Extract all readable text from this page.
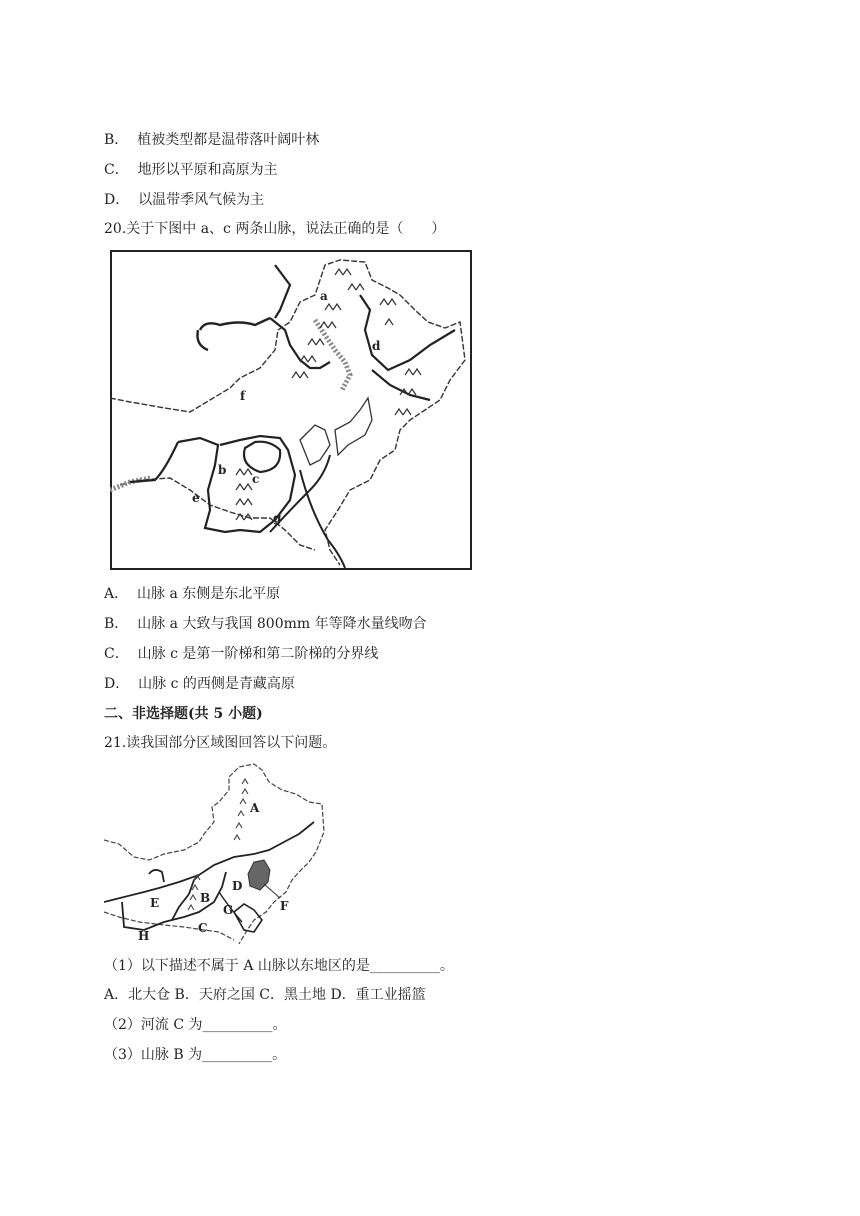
B． 植被类型都是温带落叶阔叶林
C． 地形以平原和高原为主
D． 以温带季风气候为主
20.关于下图中 a、c 两条山脉，说法正确的是（　　）
a
b
c
d
e
f
g
A． 山脉 a 东侧是东北平原
B． 山脉 a 大致与我国 800mm 年等降水量线吻合
C． 山脉 c 是第一阶梯和第二阶梯的分界线
D． 山脉 c 的西侧是青藏高原
二、非选择题(共 5 小题)
21.读我国部分区域图回答以下问题。
A
B
C
D
E	F
G
H
（1）以下描述不属于 A 山脉以东地区的是__________。
A．北大仓 B．天府之国 C．黑土地 D．重工业摇篮
（2）河流 C 为__________。
（3）山脉 B 为__________。
